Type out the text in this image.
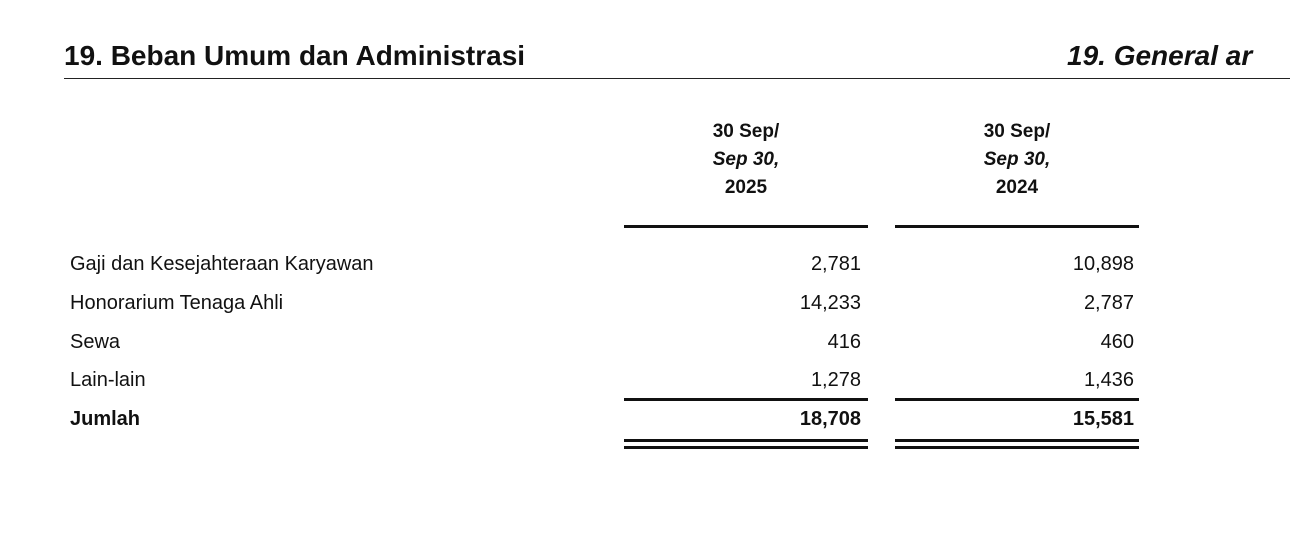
19. Beban Umum dan Administrasi	19. General ar
30 Sep/
Sep 30,
2025
30 Sep/
Sep 30,
2024
Gaji dan Kesejahteraan Karyawan	2,781	10,898
Honorarium Tenaga Ahli	14,233	2,787
Sewa	416	460
Lain-lain	1,278	1,436
Jumlah	18,708	15,581
